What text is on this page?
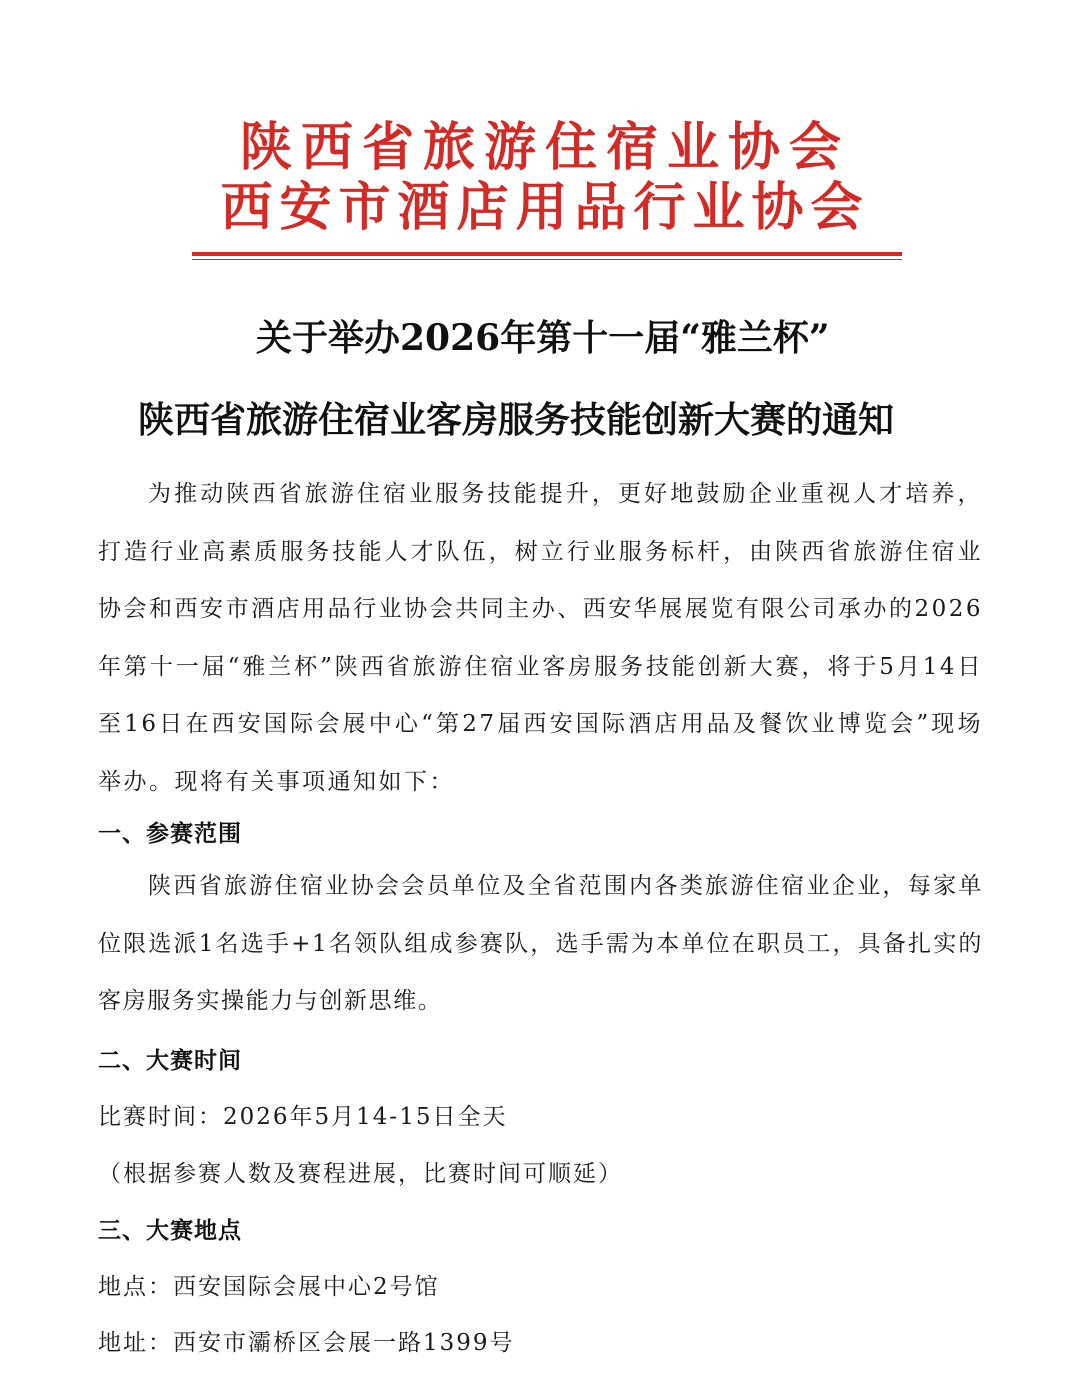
陕西省旅游住宿业协会
西安市酒店用品行业协会
关于举办2026年第十一届“雅兰杯”
陕西省旅游住宿业客房服务技能创新大赛的通知
为推动陕西省旅游住宿业服务技能提升，更好地鼓励企业重视人才培养，打造行业高素质服务技能人才队伍，树立行业服务标杆，由陕西省旅游住宿业协会和西安市酒店用品行业协会共同主办、西安华展展览有限公司承办的2026年第十一届“雅兰杯”陕西省旅游住宿业客房服务技能创新大赛，将于5月14日至16日在西安国际会展中心“第27届西安国际酒店用品及餐饮业博览会”现场举办。现将有关事项通知如下：
一、参赛范围
陕西省旅游住宿业协会会员单位及全省范围内各类旅游住宿业企业，每家单位限选派1名选手+1名领队组成参赛队，选手需为本单位在职员工，具备扎实的客房服务实操能力与创新思维。
二、大赛时间
比赛时间：2026年5月14-15日全天
（根据参赛人数及赛程进展，比赛时间可顺延）
三、大赛地点
地点：西安国际会展中心2号馆
地址：西安市灞桥区会展一路1399号
